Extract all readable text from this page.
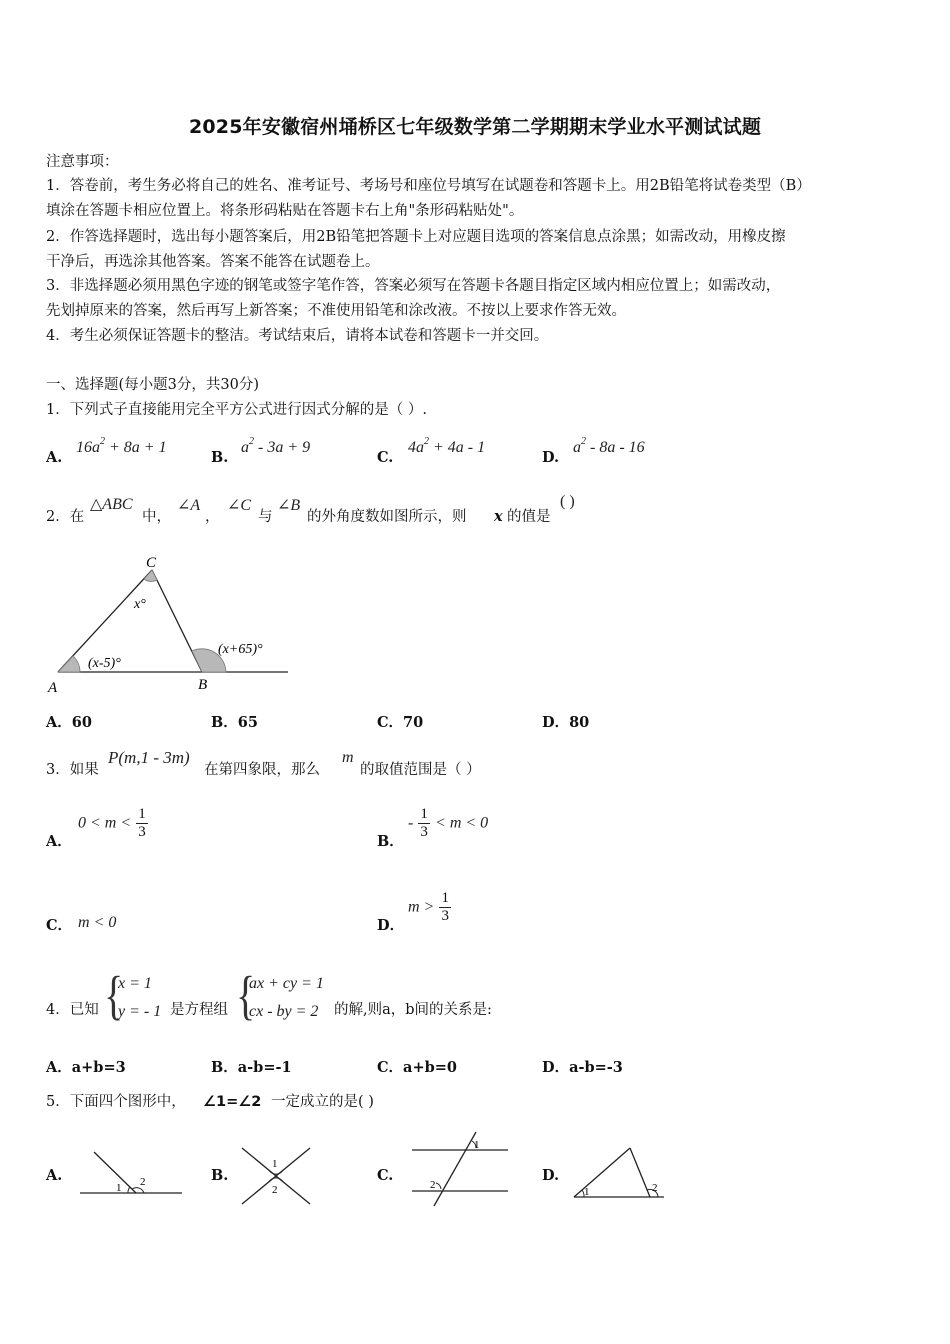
2025年安徽宿州埇桥区七年级数学第二学期期末学业水平测试试题
注意事项：
1．答卷前，考生务必将自己的姓名、准考证号、考场号和座位号填写在试题卷和答题卡上。用2B铅笔将试卷类型（B）
填涂在答题卡相应位置上。将条形码粘贴在答题卡右上角"条形码粘贴处"。
2．作答选择题时，选出每小题答案后，用2B铅笔把答题卡上对应题目选项的答案信息点涂黑；如需改动，用橡皮擦
干净后，再选涂其他答案。答案不能答在试题卷上。
3．非选择题必须用黑色字迹的钢笔或签字笔作答，答案必须写在答题卡各题目指定区域内相应位置上；如需改动，
先划掉原来的答案，然后再写上新答案；不准使用铅笔和涂改液。不按以上要求作答无效。
4．考生必须保证答题卡的整洁。考试结束后，请将本试卷和答题卡一并交回。
一、选择题(每小题3分，共30分)
1．下列式子直接能用完全平方公式进行因式分解的是（ ）.
A.
$16a^2 + 8a + 1$
B.
$a^2 - 3a + 9$
C.
$4a^2 + 4a - 1$
D.
$a^2 - 8a - 16$
2．在
△ABC
中，
∠A
，
∠C
与
∠B
的外角度数如图所示，则 x 的值是
( )
C
A	B
x°
(x-5)°
(x+65)°
A．60	B．65	C．70	D．80
3．如果
P(m,1 - 3m)
在第四象限，那么
m
的取值范围是（ ）
A．
$0 < m < \frac{1}{3}$
B．
- $\frac{1}{3} < m < 0$
C． m < 0	D．
$m > \frac{1}{3}$
4．已知 {
x = 1
y = - 1 是方程组 {
ax + cy = 1
cx - by = 2 的解,则a，b间的关系是:
A．a+b=3	B．a-b=-1	C．a+b=0	D．a-b=-3
5．下面四个图形中， ∠1=∠2 一定成立的是( )
A.
1 2	B.
1
2
C.
1
2
D.
1	2
